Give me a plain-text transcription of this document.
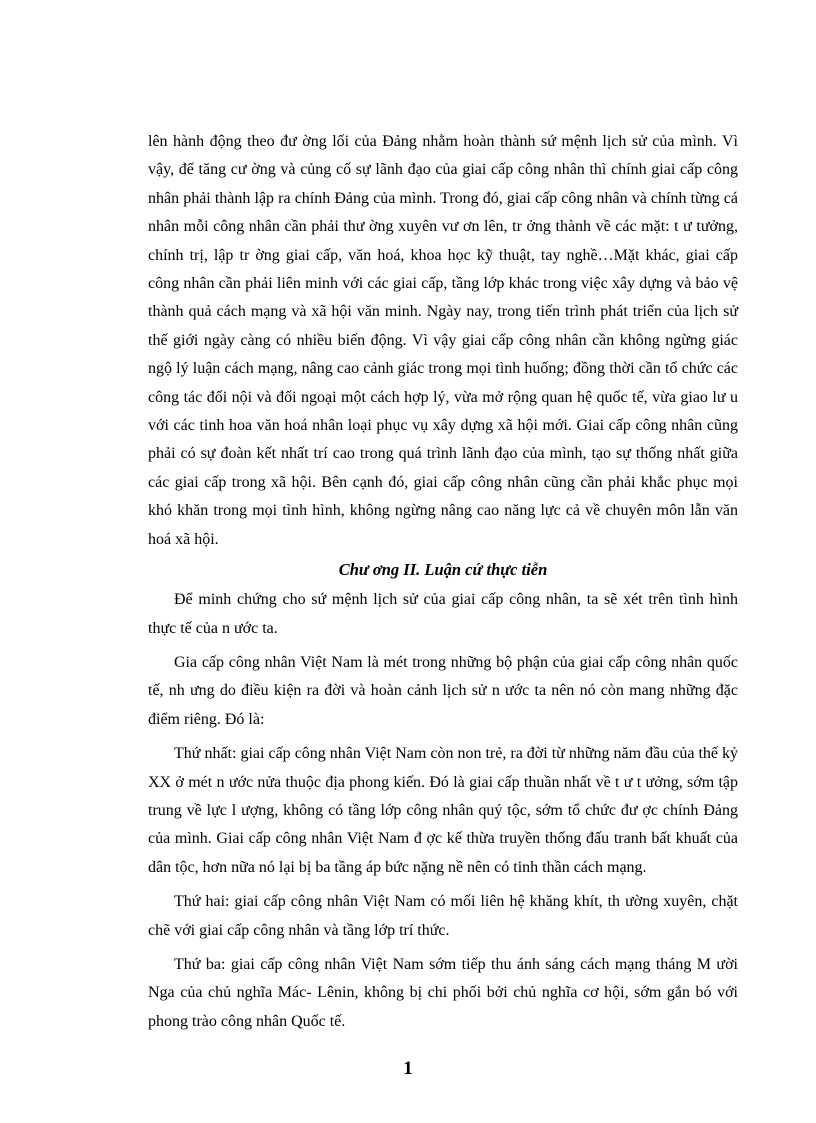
lên hành động theo đư ờng lối của Đảng nhằm hoàn thành sứ mệnh lịch sử của mình. Vì vậy, để tăng cư ờng và củng cố sự lãnh đạo của giai cấp công nhân thì chính giai cấp công nhân phải thành lập ra chính Đảng của mình. Trong đó, giai cấp công nhân và chính từng cá nhân mỗi công nhân cần phải thư ờng xuyên vư ơn lên, tr ởng thành về các mặt: t ư tưởng, chính trị, lập tr ờng giai cấp, văn hoá, khoa học kỹ thuật, tay nghề…Mặt khác, giai cấp công nhân cần phải liên minh với các giai cấp, tầng lớp khác trong việc xây dựng và bảo vệ thành quả cách mạng và xã hội văn minh. Ngày nay, trong tiến trình phát triển của lịch sử thế giới ngày càng có nhiều biến động. Vì vậy giai cấp công nhân cần không ngừng giác ngộ lý luận cách mạng, nâng cao cảnh giác trong mọi tình huống; đồng thời cần tổ chức các công tác đối nội và đối ngoại một cách hợp lý, vừa mở rộng quan hệ quốc tế, vừa giao lư u với các tinh hoa văn hoá nhân loại phục vụ xây dựng xã hội mới. Giai cấp công nhân cũng phải có sự đoàn kết nhất trí cao trong quá trình lãnh đạo của mình, tạo sự thống nhất giữa các giai cấp trong xã hội. Bên cạnh đó, giai cấp công nhân cũng cần phải khắc phục mọi khó khăn trong mọi tình hình, không ngừng nâng cao năng lực cả về chuyên môn lẫn văn hoá xã hội.

Chư ơng II. Luận cứ thực tiễn

Để minh chứng cho sứ mệnh lịch sử của giai cấp công nhân, ta sẽ xét trên tình hình thực tế của n ước ta.

Gia cấp công nhân Việt Nam là mét trong những bộ phận của giai cấp công nhân quốc tế, nh ưng do điều kiện ra đời và hoàn cảnh lịch sử n ước ta nên nó còn mang những đặc điểm riêng. Đó là:

Thứ nhất: giai cấp công nhân Việt Nam còn non trẻ, ra đời từ những năm đầu của thế kỷ XX ở mét n ước nửa thuộc địa phong kiến. Đó là giai cấp thuần nhất về t ư t ưởng, sớm tập trung về lực l ượng, không có tầng lớp công nhân quý tộc, sớm tổ chức đư ợc chính Đảng của mình. Giai cấp công nhân Việt Nam đ ợc kế thừa truyền thống đấu tranh bất khuất của dân tộc, hơn nữa nó lại bị ba tầng áp bức nặng nề nên có tinh thần cách mạng.

Thứ hai: giai cấp công nhân Việt Nam có mối liên hệ khăng khít, th ường xuyên, chặt chẽ với giai cấp công nhân và tầng lớp trí thức.

Thứ ba: giai cấp công nhân Việt Nam sớm tiếp thu ánh sáng cách mạng tháng M ười Nga của chủ nghĩa Mác- Lênin, không bị chi phối bởi chủ nghĩa cơ hội, sớm gắn bó với phong trào công nhân Quốc tế.

1
